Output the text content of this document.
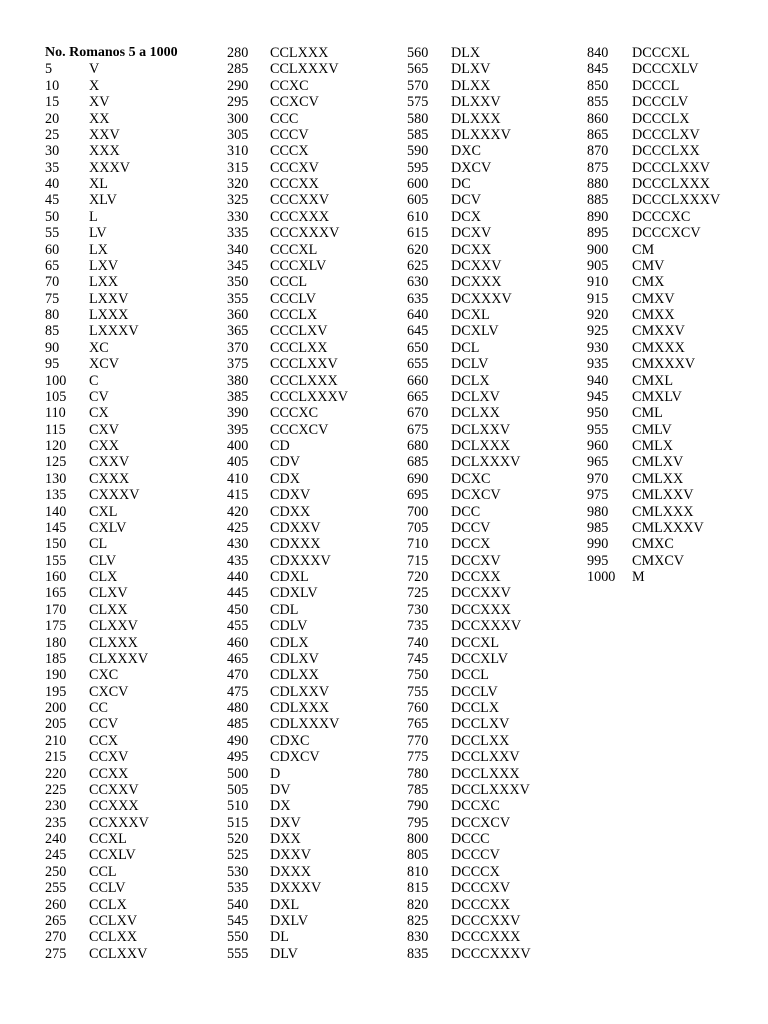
No. Romanos 5 a 1000
5	V
10 X
15 XV
20 XX
25 XXV
30 XXX
35 XXXV
40 XL
45 XLV
50 L
55 LV
60 LX
65 LXV
70 LXX
75 LXXV
80 LXXX
85 LXXXV
90 XC
95 XCV
100 C
105 CV
110 CX
115 CXV
120 CXX
125 CXXV
130 CXXX
135 CXXXV
140 CXL
145 CXLV
150 CL
155 CLV
160 CLX
165 CLXV
170 CLXX
175 CLXXV
180 CLXXX
185 CLXXXV
190 CXC
195 CXCV
200 CC
205 CCV
210 CCX
215 CCXV
220 CCXX
225 CCXXV
230 CCXXX
235 CCXXXV
240 CCXL
245 CCXLV
250 CCL
255 CCLV
260 CCLX
265 CCLXV
270 CCLXX
275 CCLXXV
280 CCLXXX
285 CCLXXXV
290 CCXC
295 CCXCV
300 CCC
305 CCCV
310 CCCX
315 CCCXV
320 CCCXX
325 CCCXXV
330 CCCXXX
335 CCCXXXV
340 CCCXL
345 CCCXLV
350 CCCL
355 CCCLV
360 CCCLX
365 CCCLXV
370 CCCLXX
375 CCCLXXV
380 CCCLXXX
385 CCCLXXXV
390 CCCXC
395 CCCXCV
400 CD
405 CDV
410 CDX
415 CDXV
420 CDXX
425 CDXXV
430 CDXXX
435 CDXXXV
440 CDXL
445 CDXLV
450 CDL
455 CDLV
460 CDLX
465 CDLXV
470 CDLXX
475 CDLXXV
480 CDLXXX
485 CDLXXXV
490 CDXC
495 CDXCV
500 D
505 DV
510 DX
515 DXV
520 DXX
525 DXXV
530 DXXX
535 DXXXV
540 DXL
545 DXLV
550 DL
555 DLV
560 DLX
565 DLXV
570 DLXX
575 DLXXV
580 DLXXX
585 DLXXXV
590 DXC
595 DXCV
600 DC
605 DCV
610 DCX
615 DCXV
620 DCXX
625 DCXXV
630 DCXXX
635 DCXXXV
640 DCXL
645 DCXLV
650 DCL
655 DCLV
660 DCLX
665 DCLXV
670 DCLXX
675 DCLXXV
680 DCLXXX
685 DCLXXXV
690 DCXC
695 DCXCV
700 DCC
705 DCCV
710 DCCX
715 DCCXV
720 DCCXX
725 DCCXXV
730 DCCXXX
735 DCCXXXV
740 DCCXL
745 DCCXLV
750 DCCL
755 DCCLV
760 DCCLX
765 DCCLXV
770 DCCLXX
775 DCCLXXV
780 DCCLXXX
785 DCCLXXXV
790 DCCXC
795 DCCXCV
800 DCCC
805 DCCCV
810 DCCCX
815 DCCCXV
820 DCCCXX
825 DCCCXXV
830 DCCCXXX
835 DCCCXXXV
840 DCCCXL
845 DCCCXLV
850 DCCCL
855 DCCCLV
860 DCCCLX
865 DCCCLXV
870 DCCCLXX
875 DCCCLXXV
880 DCCCLXXX
885 DCCCLXXXV
890 DCCCXC
895 DCCCXCV
900 CM
905 CMV
910 CMX
915 CMXV
920 CMXX
925 CMXXV
930 CMXXX
935 CMXXXV
940 CMXL
945 CMXLV
950 CML
955 CMLV
960 CMLX
965 CMLXV
970 CMLXX
975 CMLXXV
980 CMLXXX
985 CMLXXXV
990 CMXC
995 CMXCV
1000 M
